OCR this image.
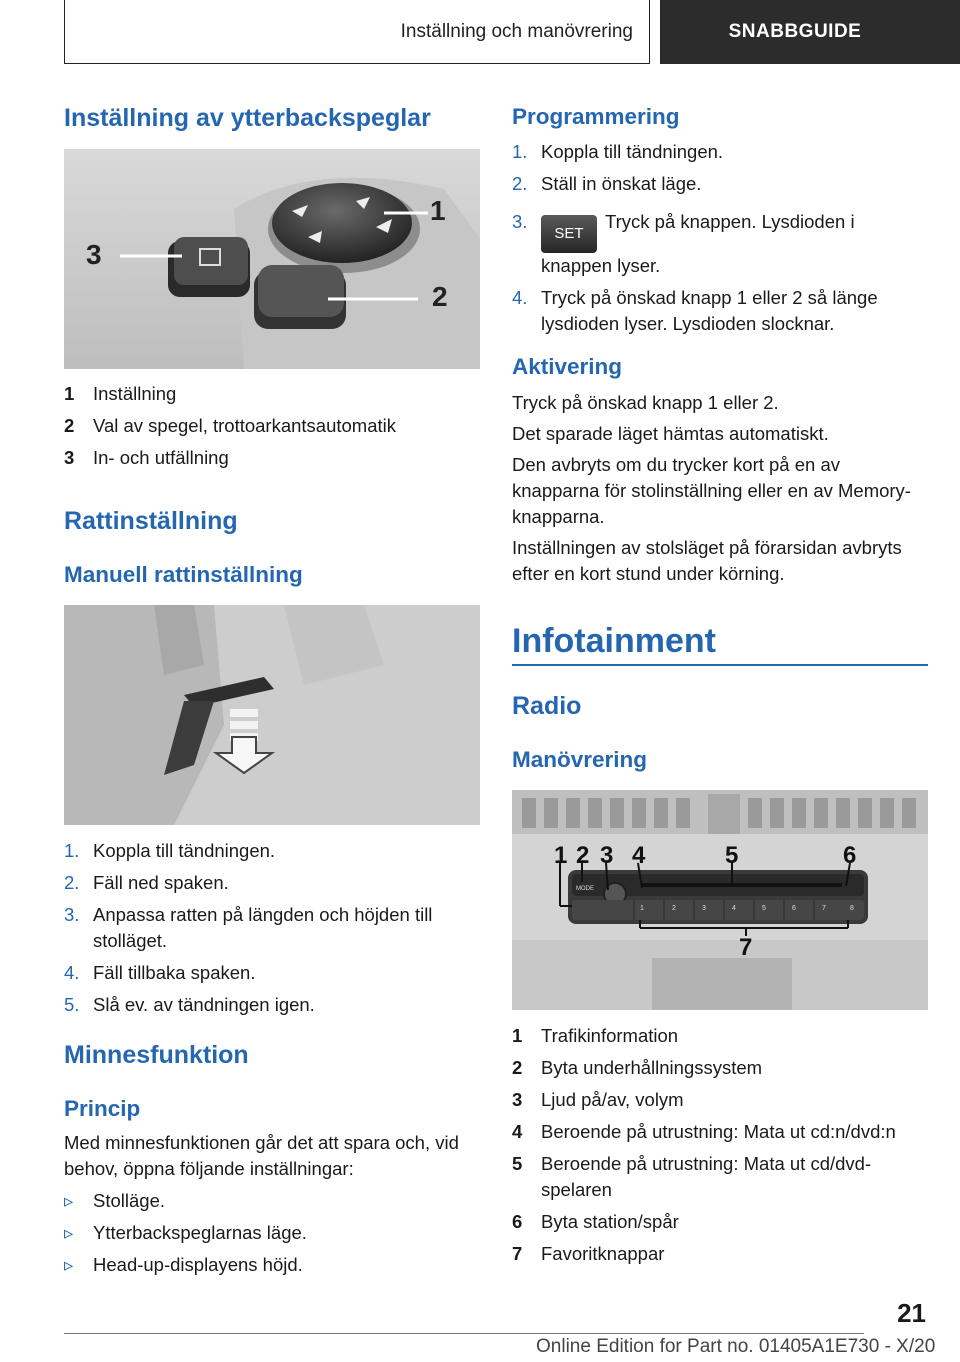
Inställning och manövrering	SNABBGUIDE
Inställning av ytterbackspeglar
1
2
3
1	Inställning
2	Val av spegel, trottoarkantsautomatik
3	In- och utfällning
Rattinställning
Manuell rattinställning
1. Koppla till tändningen.
2. Fäll ned spaken.
3. Anpassa ratten på längden och höjden till stolläget.
4. Fäll tillbaka spaken.
5. Slå ev. av tändningen igen.
Minnesfunktion
Princip
Med minnesfunktionen går det att spara och, vid behov, öppna följande inställningar:
▹	Stolläge.
▹	Ytterbackspeglarnas läge.
▹	Head-up-displayens höjd.
Programmering
1. Koppla till tändningen.
2. Ställ in önskat läge.
3.
SETTryck på knappen. Lysdioden i knappen lyser.
4. Tryck på önskad knapp 1 eller 2 så länge lysdioden lyser. Lysdioden slocknar.
Aktivering
Tryck på önskad knapp 1 eller 2.
Det sparade läget hämtas automatiskt.
Den avbryts om du trycker kort på en av knapparna för stolinställning eller en av Memory-knapparna.
Inställningen av stolsläget på förarsidan avbryts efter en kort stund under körning.
Infotainment
Radio
Manövrering
1 2 3 4	5	6
7
MODE
1	2	3	4	5	6	7	8
1	Trafikinformation
2	Byta underhållningssystem
3	Ljud på/av, volym
4	Beroende på utrustning: Mata ut cd:n/dvd:n
5	Beroende på utrustning: Mata ut cd/dvd-spelaren
6	Byta station/spår
7	Favoritknappar
21
Online Edition for Part no. 01405A1E730 - X/20
